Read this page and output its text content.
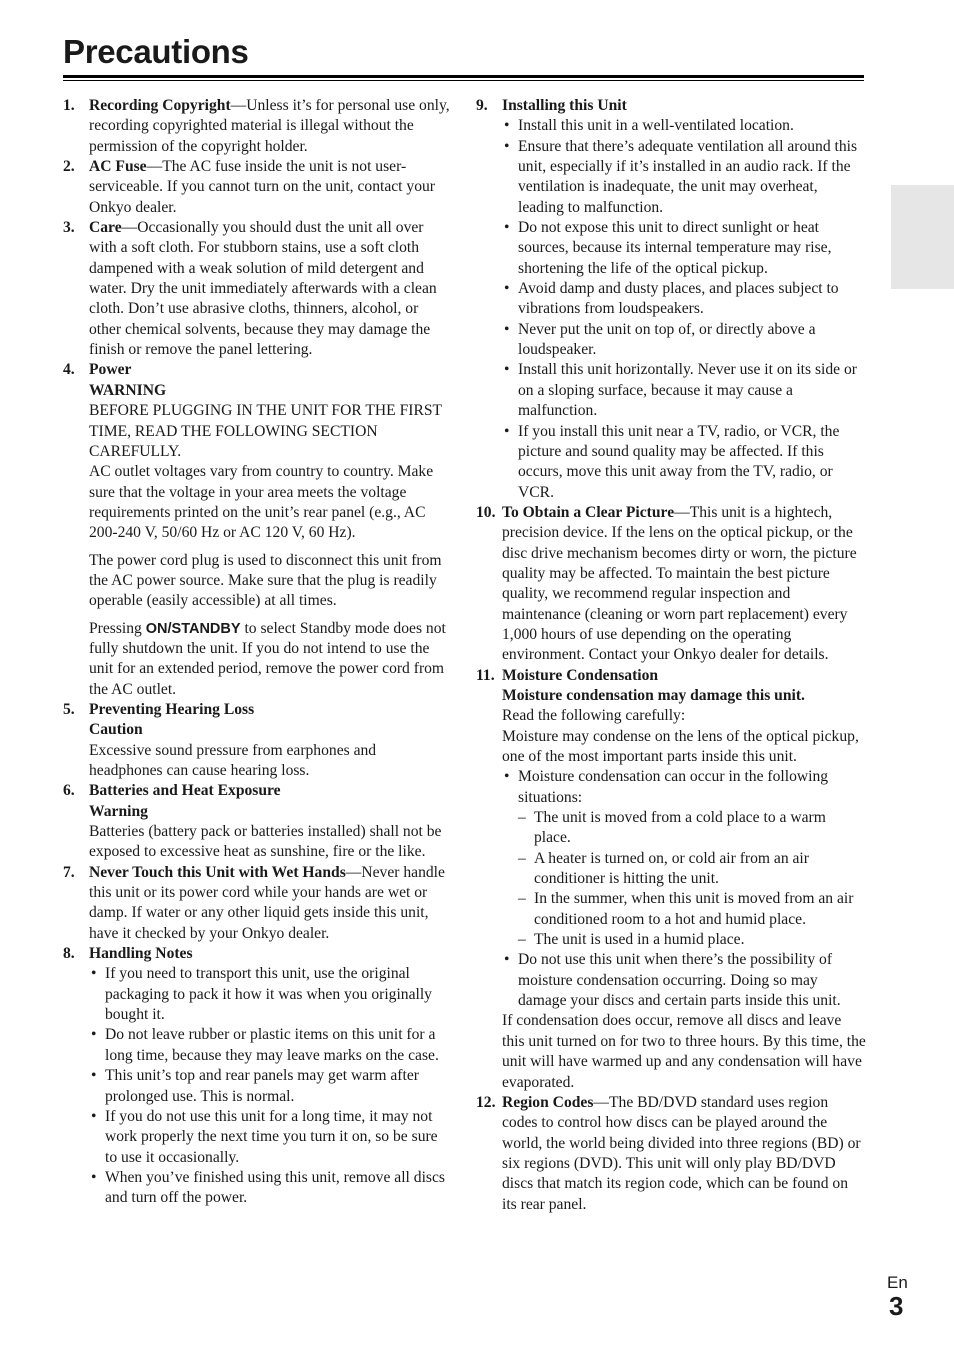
Precautions
1. Recording Copyright—Unless it’s for personal use only, recording copyrighted material is illegal without the permission of the copyright holder.
2. AC Fuse—The AC fuse inside the unit is not user-serviceable. If you cannot turn on the unit, contact your Onkyo dealer.
3. Care—Occasionally you should dust the unit all over with a soft cloth. For stubborn stains, use a soft cloth dampened with a weak solution of mild detergent and water. Dry the unit immediately afterwards with a clean cloth. Don’t use abrasive cloths, thinners, alcohol, or other chemical solvents, because they may damage the finish or remove the panel lettering.
4. Power
WARNING
BEFORE PLUGGING IN THE UNIT FOR THE FIRST TIME, READ THE FOLLOWING SECTION CAREFULLY.
AC outlet voltages vary from country to country. Make sure that the voltage in your area meets the voltage requirements printed on the unit’s rear panel (e.g., AC 200-240 V, 50/60 Hz or AC 120 V, 60 Hz).
The power cord plug is used to disconnect this unit from the AC power source. Make sure that the plug is readily operable (easily accessible) at all times.
Pressing ON/STANDBY to select Standby mode does not fully shutdown the unit. If you do not intend to use the unit for an extended period, remove the power cord from the AC outlet.
5. Preventing Hearing Loss
Caution
Excessive sound pressure from earphones and headphones can cause hearing loss.
6. Batteries and Heat Exposure
Warning
Batteries (battery pack or batteries installed) shall not be exposed to excessive heat as sunshine, fire or the like.
7. Never Touch this Unit with Wet Hands—Never handle this unit or its power cord while your hands are wet or damp. If water or any other liquid gets inside this unit, have it checked by your Onkyo dealer.
8. Handling Notes
• If you need to transport this unit, use the original packaging to pack it how it was when you originally bought it.
• Do not leave rubber or plastic items on this unit for a long time, because they may leave marks on the case.
• This unit’s top and rear panels may get warm after prolonged use. This is normal.
• If you do not use this unit for a long time, it may not work properly the next time you turn it on, so be sure to use it occasionally.
• When you’ve finished using this unit, remove all discs and turn off the power.
9. Installing this Unit
• Install this unit in a well-ventilated location.
• Ensure that there’s adequate ventilation all around this unit, especially if it’s installed in an audio rack. If the ventilation is inadequate, the unit may overheat, leading to malfunction.
• Do not expose this unit to direct sunlight or heat sources, because its internal temperature may rise, shortening the life of the optical pickup.
• Avoid damp and dusty places, and places subject to vibrations from loudspeakers.
• Never put the unit on top of, or directly above a loudspeaker.
• Install this unit horizontally. Never use it on its side or on a sloping surface, because it may cause a malfunction.
• If you install this unit near a TV, radio, or VCR, the picture and sound quality may be affected. If this occurs, move this unit away from the TV, radio, or VCR.
10. To Obtain a Clear Picture—This unit is a hightech, precision device. If the lens on the optical pickup, or the disc drive mechanism becomes dirty or worn, the picture quality may be affected. To maintain the best picture quality, we recommend regular inspection and maintenance (cleaning or worn part replacement) every 1,000 hours of use depending on the operating environment. Contact your Onkyo dealer for details.
11. Moisture Condensation
Moisture condensation may damage this unit.
Read the following carefully:
Moisture may condense on the lens of the optical pickup, one of the most important parts inside this unit.
• Moisture condensation can occur in the following situations:
– The unit is moved from a cold place to a warm place.
– A heater is turned on, or cold air from an air conditioner is hitting the unit.
– In the summer, when this unit is moved from an air conditioned room to a hot and humid place.
– The unit is used in a humid place.
• Do not use this unit when there’s the possibility of moisture condensation occurring. Doing so may damage your discs and certain parts inside this unit.
If condensation does occur, remove all discs and leave this unit turned on for two to three hours. By this time, the unit will have warmed up and any condensation will have evaporated.
12. Region Codes—The BD/DVD standard uses region codes to control how discs can be played around the world, the world being divided into three regions (BD) or six regions (DVD). This unit will only play BD/DVD discs that match its region code, which can be found on its rear panel.
En
3
